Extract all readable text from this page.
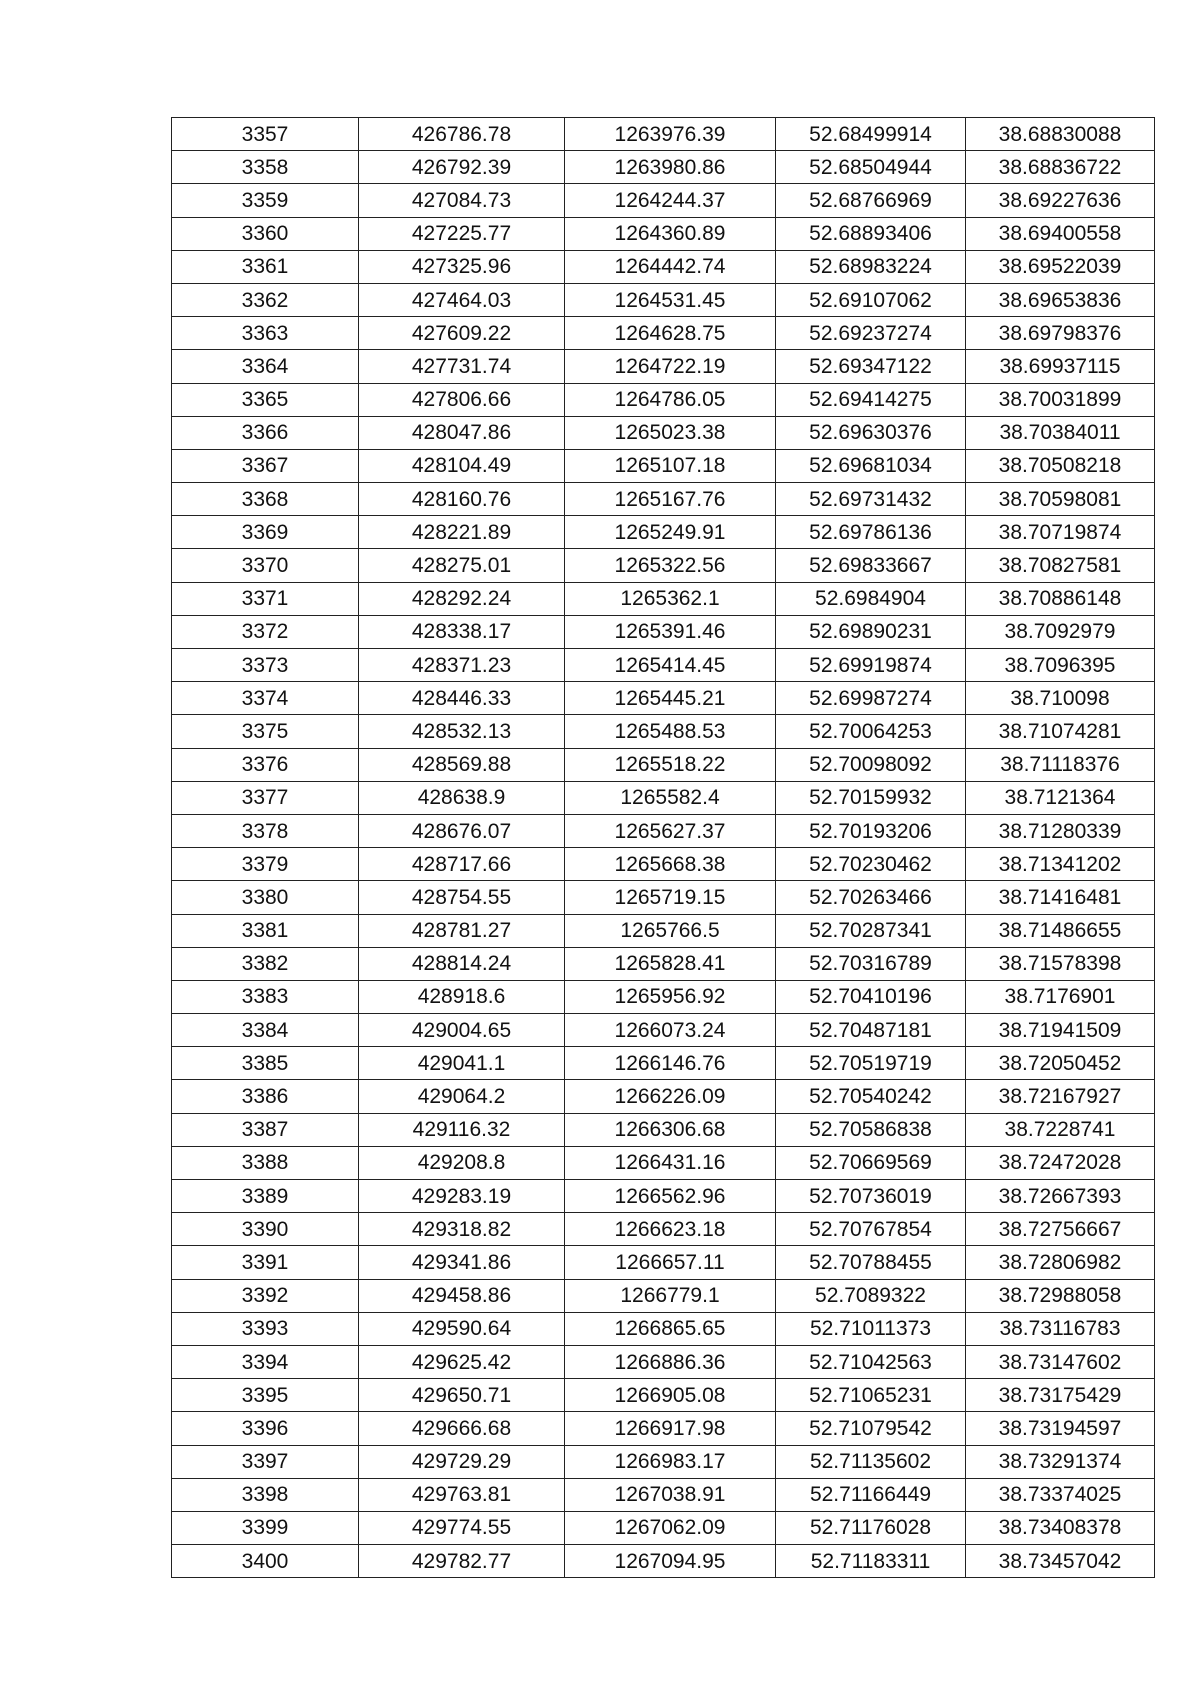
3357	426786.78	1263976.39	52.68499914	38.68830088
3358	426792.39	1263980.86	52.68504944	38.68836722
3359	427084.73	1264244.37	52.68766969	38.69227636
3360	427225.77	1264360.89	52.68893406	38.69400558
3361	427325.96	1264442.74	52.68983224	38.69522039
3362	427464.03	1264531.45	52.69107062	38.69653836
3363	427609.22	1264628.75	52.69237274	38.69798376
3364	427731.74	1264722.19	52.69347122	38.69937115
3365	427806.66	1264786.05	52.69414275	38.70031899
3366	428047.86	1265023.38	52.69630376	38.70384011
3367	428104.49	1265107.18	52.69681034	38.70508218
3368	428160.76	1265167.76	52.69731432	38.70598081
3369	428221.89	1265249.91	52.69786136	38.70719874
3370	428275.01	1265322.56	52.69833667	38.70827581
3371	428292.24	1265362.1	52.6984904	38.70886148
3372	428338.17	1265391.46	52.69890231	38.7092979
3373	428371.23	1265414.45	52.69919874	38.7096395
3374	428446.33	1265445.21	52.69987274	38.710098
3375	428532.13	1265488.53	52.70064253	38.71074281
3376	428569.88	1265518.22	52.70098092	38.71118376
3377	428638.9	1265582.4	52.70159932	38.7121364
3378	428676.07	1265627.37	52.70193206	38.71280339
3379	428717.66	1265668.38	52.70230462	38.71341202
3380	428754.55	1265719.15	52.70263466	38.71416481
3381	428781.27	1265766.5	52.70287341	38.71486655
3382	428814.24	1265828.41	52.70316789	38.71578398
3383	428918.6	1265956.92	52.70410196	38.7176901
3384	429004.65	1266073.24	52.70487181	38.71941509
3385	429041.1	1266146.76	52.70519719	38.72050452
3386	429064.2	1266226.09	52.70540242	38.72167927
3387	429116.32	1266306.68	52.70586838	38.7228741
3388	429208.8	1266431.16	52.70669569	38.72472028
3389	429283.19	1266562.96	52.70736019	38.72667393
3390	429318.82	1266623.18	52.70767854	38.72756667
3391	429341.86	1266657.11	52.70788455	38.72806982
3392	429458.86	1266779.1	52.7089322	38.72988058
3393	429590.64	1266865.65	52.71011373	38.73116783
3394	429625.42	1266886.36	52.71042563	38.73147602
3395	429650.71	1266905.08	52.71065231	38.73175429
3396	429666.68	1266917.98	52.71079542	38.73194597
3397	429729.29	1266983.17	52.71135602	38.73291374
3398	429763.81	1267038.91	52.71166449	38.73374025
3399	429774.55	1267062.09	52.71176028	38.73408378
3400	429782.77	1267094.95	52.71183311	38.73457042
